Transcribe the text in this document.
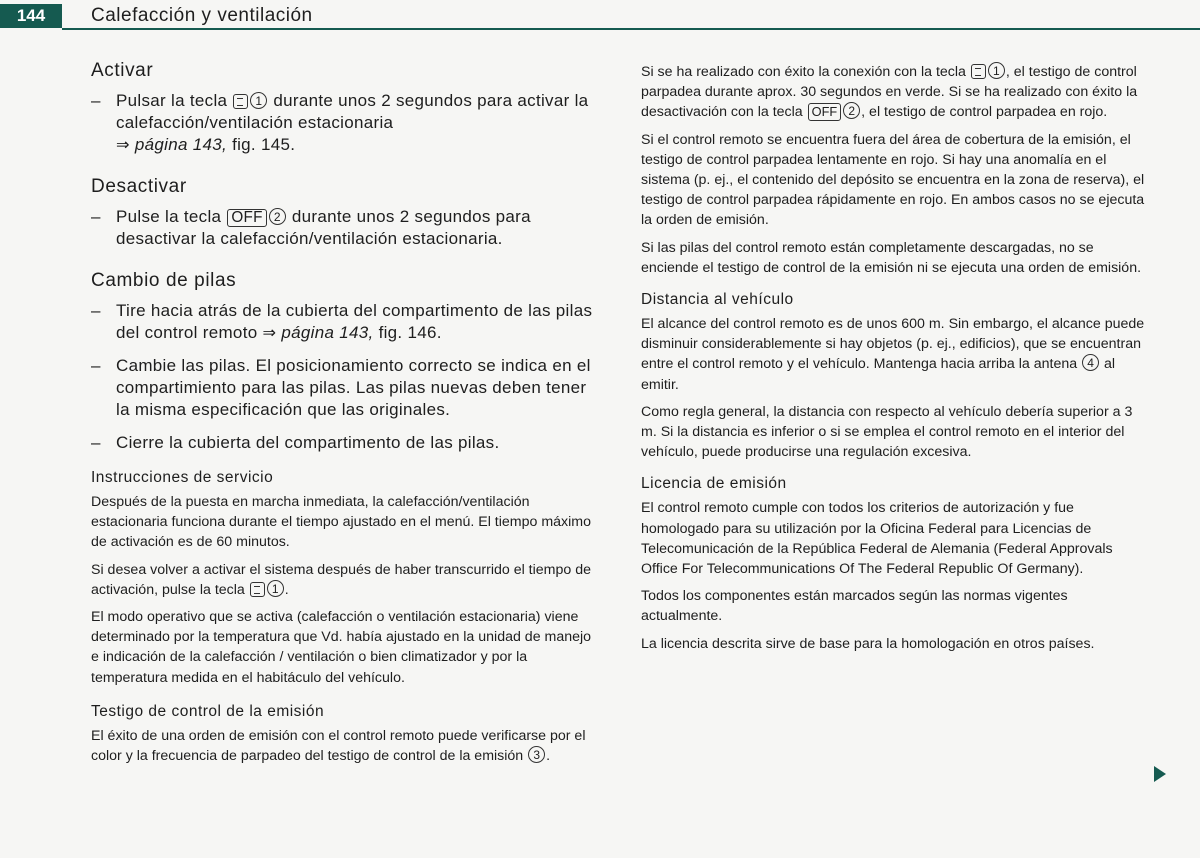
144	Calefacción y ventilación
Activar
– Pulsar la tecla 1 durante unos 2 segundos para activar la calefacción/ventilación estacionaria
⇒ página 143, fig. 145.
Desactivar
– Pulse la tecla OFF 2 durante unos 2 segundos para desactivar la calefacción/ventilación estacionaria.
Cambio de pilas
– Tire hacia atrás de la cubierta del compartimento de las pilas del control remoto ⇒ página 143, fig. 146.
– Cambie las pilas. El posicionamiento correcto se indica en el compartimiento para las pilas. Las pilas nuevas deben tener la misma especificación que las originales.
– Cierre la cubierta del compartimento de las pilas.
Instrucciones de servicio

Después de la puesta en marcha inmediata, la calefacción/ventilación estacionaria funciona durante el tiempo ajustado en el menú. El tiempo máximo de activación es de 60 minutos.

Si desea volver a activar el sistema después de haber transcurrido el tiempo de activación, pulse la tecla 1 .

El modo operativo que se activa (calefacción o ventilación estacionaria) viene determinado por la temperatura que Vd. había ajustado en la unidad de manejo e indicación de la calefacción / ventilación o bien climatizador y por la temperatura medida en el habitáculo del vehículo.

Testigo de control de la emisión

El éxito de una orden de emisión con el control remoto puede verificarse por el color y la frecuencia de parpadeo del testigo de control de la emisión 3 .

Si se ha realizado con éxito la conexión con la tecla 1 , el testigo de control parpadea durante aprox. 30 segundos en verde. Si se ha realizado con éxito la desactivación con la tecla OFF 2 , el testigo de control parpadea en rojo.

Si el control remoto se encuentra fuera del área de cobertura de la emisión, el testigo de control parpadea lentamente en rojo. Si hay una anomalía en el sistema (p. ej., el contenido del depósito se encuentra en la zona de reserva), el testigo de control parpadea rápidamente en rojo. En ambos casos no se ejecuta la orden de emisión.

Si las pilas del control remoto están completamente descargadas, no se enciende el testigo de control de la emisión ni se ejecuta una orden de emisión.

Distancia al vehículo

El alcance del control remoto es de unos 600 m. Sin embargo, el alcance puede disminuir considerablemente si hay objetos (p. ej., edificios), que se encuentran entre el control remoto y el vehículo. Mantenga hacia arriba la antena 4 al emitir.

Como regla general, la distancia con respecto al vehículo debería superior a 3 m. Si la distancia es inferior o si se emplea el control remoto en el interior del vehículo, puede producirse una regulación excesiva.

Licencia de emisión

El control remoto cumple con todos los criterios de autorización y fue homologado para su utilización por la Oficina Federal para Licencias de Telecomunicación de la República Federal de Alemania (Federal Approvals Office For Telecommunications Of The Federal Republic Of Germany).

Todos los componentes están marcados según las normas vigentes actualmente.

La licencia descrita sirve de base para la homologación en otros países.
